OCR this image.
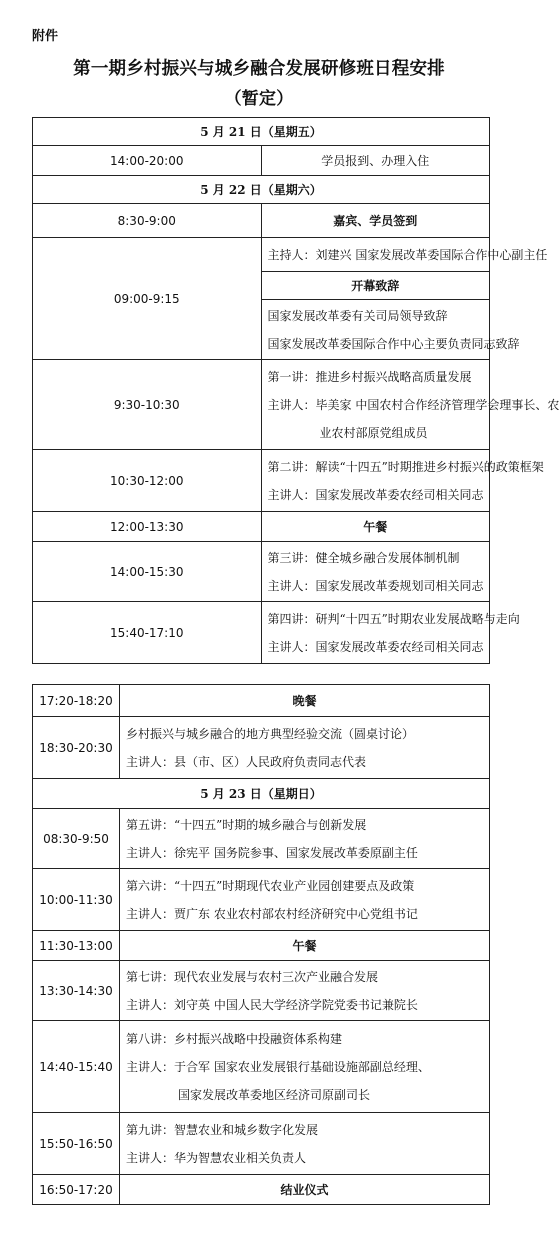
附件
第一期乡村振兴与城乡融合发展研修班日程安排
（暂定）
5 月 21 日（星期五）	
14:00-20:00	学员报到、办理入住
5 月 22 日（星期六）	
8:30-9:00	嘉宾、学员签到
09:00-9:15	主持人：刘建兴 国家发展改革委国际合作中心副主任

	开幕致辞

	国家发展改革委有关司局领导致辞
国家发展改革委国际合作中心主要负责同志致辞

9:30-10:30	第一讲：推进乡村振兴战略高质量发展
主讲人：毕美家 中国农村合作经济管理学会理事长、农
业农村部原党组成员

10:30-12:00	第二讲：解读“十四五”时期推进乡村振兴的政策框架
主讲人：国家发展改革委农经司相关同志

12:00-13:30	午餐
14:00-15:30	第三讲：健全城乡融合发展体制机制
主讲人：国家发展改革委规划司相关同志

15:40-17:10	第四讲：研判“十四五”时期农业发展战略与走向
主讲人：国家发展改革委农经司相关同志
17:20-18:20	晚餐
18:30-20:30	乡村振兴与城乡融合的地方典型经验交流（圆桌讨论）
主讲人：县（市、区）人民政府负责同志代表

5 月 23 日（星期日）	
08:30-9:50	第五讲：“十四五”时期的城乡融合与创新发展
主讲人：徐宪平 国务院参事、国家发展改革委原副主任

10:00-11:30	第六讲：“十四五”时期现代农业产业园创建要点及政策
主讲人：贾广东 农业农村部农村经济研究中心党组书记

11:30-13:00	午餐
13:30-14:30	第七讲：现代农业发展与农村三次产业融合发展
主讲人：刘守英 中国人民大学经济学院党委书记兼院长

14:40-15:40	第八讲：乡村振兴战略中投融资体系构建
主讲人：于合军 国家农业发展银行基础设施部副总经理、
国家发展改革委地区经济司原副司长

15:50-16:50	第九讲：智慧农业和城乡数字化发展
主讲人：华为智慧农业相关负责人

16:50-17:20	结业仪式
